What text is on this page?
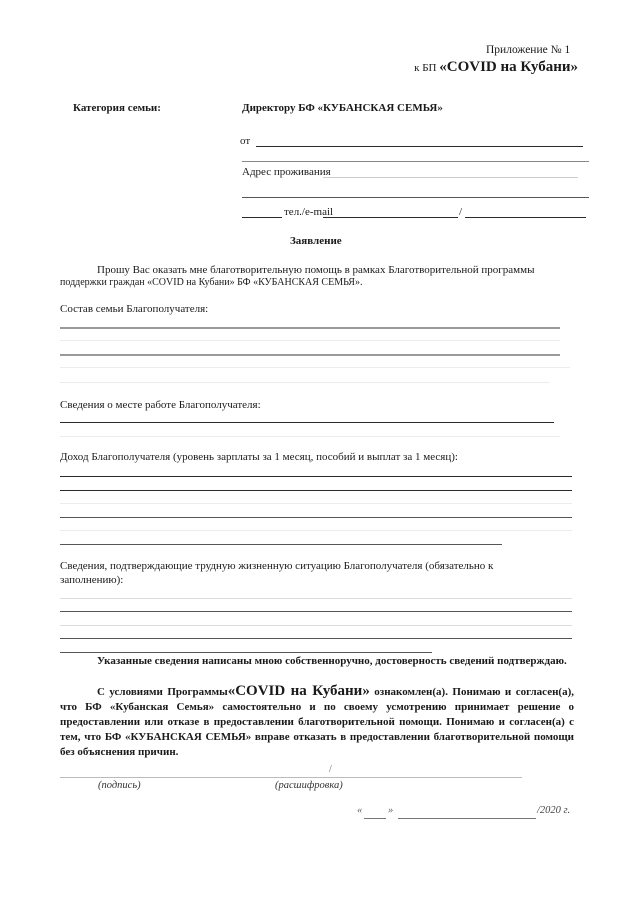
Приложение № 1
к БП «COVID на Кубани»
Категория семьи:	Директору БФ «КУБАНСКАЯ СЕМЬЯ»
от
Адрес проживания
тел./e-mail	/
Заявление
Прошу Вас оказать мне благотворительную помощь в рамках Благотворительной программы
поддержки граждан «COVID на Кубани» БФ «КУБАНСКАЯ СЕМЬЯ».
Состав семьи Благополучателя:
Сведения о месте работе Благополучателя:
Доход Благополучателя (уровень зарплаты за 1 месяц, пособий и выплат за 1 месяц):
Сведения, подтверждающие трудную жизненную ситуацию Благополучателя (обязательно к
заполнению):
Указанные сведения написаны мною собственноручно, достоверность сведений подтверждаю.
С условиями Программы«COVID на Кубани» ознакомлен(а). Понимаю и согласен(а), что БФ «Кубанская Семья» самостоятельно и по своему усмотрению принимает решение о предоставлении или отказе в предоставлении благотворительной помощи. Понимаю и согласен(а) с тем, что БФ «КУБАНСКАЯ СЕМЬЯ» вправе отказать в предоставлении благотворительной помощи без объяснения причин.
/
(подпись)	(расшифровка)
« »	/2020 г.
